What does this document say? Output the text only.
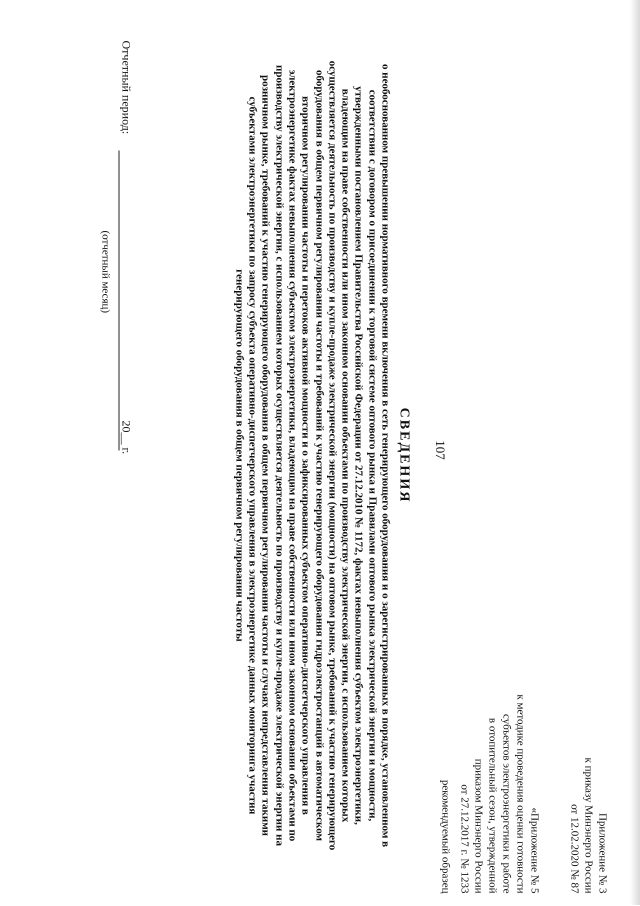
107
Приложение № 3
к приказу Минэнерго России
от 12.02.2020 № 87
«Приложение № 5
к методике проведения оценки готовности
субъектов электроэнергетики к работе
в отопительный сезон, утвержденной
приказом Минэнерго России
от 27.12.2017 г. № 1233
рекомендуемый образец

СВЕДЕНИЯ

о необоснованном превышении нормативного времени включения в сеть генерирующего оборудования и о зарегистрированных в порядке, установленном в соответствии с договором о присоединении к торговой системе оптового рынка и Правилами оптового рынка электрической энергии и мощности, утвержденными постановлением Правительства Российской Федерации от 27.12.2010 № 1172, фактах невыполнения субъектом электроэнергетики, владеющим на праве собственности или ином законном основании объектами по производству электрической энергии, с использованием которых осуществляется деятельность по производству и купле-продаже электрической энергии (мощности) на оптовом рынке, требований к участию генерирующего оборудования в общем первичном регулировании частоты и требований к участию генерирующего оборудования гидроэлектростанций в автоматическом вторичном регулировании частоты и перетоков активной мощности и о зафиксированных субъектом оперативно-диспетчерского управления в электроэнергетике фактах невыполнения субъектом электроэнергетики, владеющим на праве собственности или ином законном основании объектами по производству электрической энергии, с использованием которых осуществляется деятельность по производству и купле-продаже электрической энергии на розничном рынке, требований к участию генерирующего оборудования в общем первичном регулировании частоты и случаях непредставления такими субъектами электроэнергетики по запросу субъекта оперативно-диспетчерского управления в электроэнергетике данных мониторинга участия генерирующего оборудования в общем первичном регулировании частоты

Отчетный период:
(отчетный месяц)
20__ г.
